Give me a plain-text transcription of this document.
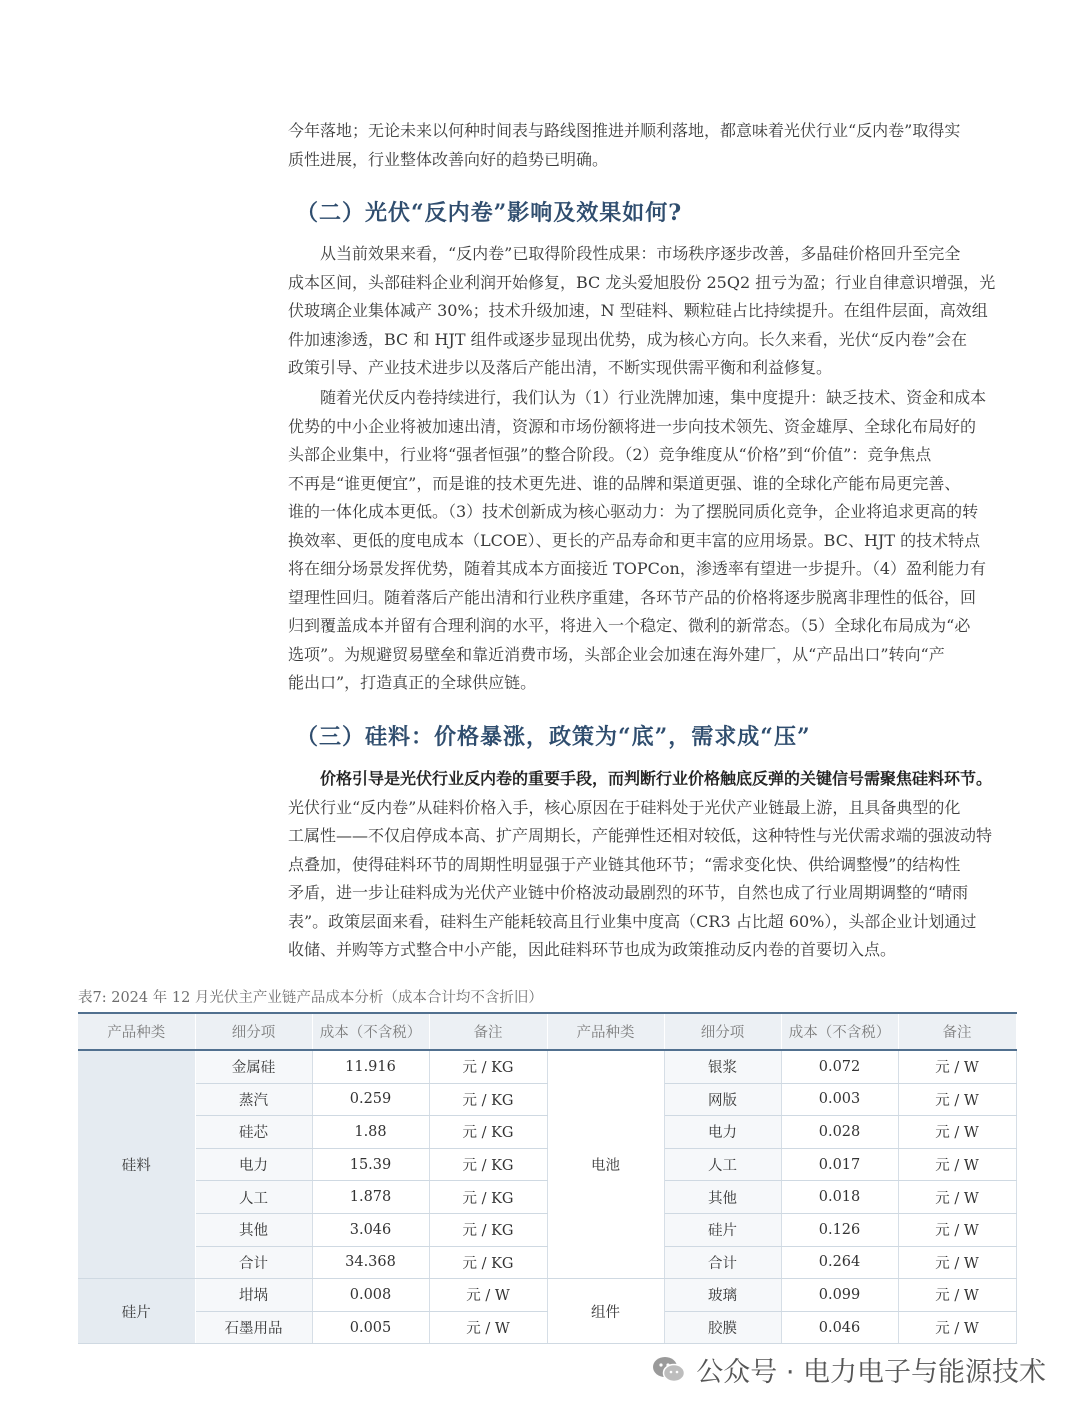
今年落地；无论未来以何种时间表与路线图推进并顺利落地，都意味着光伏行业“反内卷”取得实
质性进展，行业整体改善向好的趋势已明确。

（二）光伏“反内卷”影响及效果如何?

从当前效果来看，“反内卷”已取得阶段性成果：市场秩序逐步改善，多晶硅价格回升至完全
成本区间，头部硅料企业利润开始修复，BC 龙头爱旭股份 25Q2 扭亏为盈；行业自律意识增强，光
伏玻璃企业集体减产 30%；技术升级加速，N 型硅料、颗粒硅占比持续提升。在组件层面，高效组
件加速渗透，BC 和 HJT 组件或逐步显现出优势，成为核心方向。长久来看，光伏“反内卷”会在
政策引导、产业技术进步以及落后产能出清，不断实现供需平衡和利益修复。

随着光伏反内卷持续进行，我们认为（1）行业洗牌加速，集中度提升：缺乏技术、资金和成本
优势的中小企业将被加速出清，资源和市场份额将进一步向技术领先、资金雄厚、全球化布局好的
头部企业集中，行业将“强者恒强”的整合阶段。（2）竞争维度从“价格”到“价值”：竞争焦点
不再是“谁更便宜”，而是谁的技术更先进、谁的品牌和渠道更强、谁的全球化产能布局更完善、
谁的一体化成本更低。（3）技术创新成为核心驱动力：为了摆脱同质化竞争，企业将追求更高的转
换效率、更低的度电成本（LCOE）、更长的产品寿命和更丰富的应用场景。BC、HJT 的技术特点
将在细分场景发挥优势，随着其成本方面接近 TOPCon，渗透率有望进一步提升。（4）盈利能力有
望理性回归。随着落后产能出清和行业秩序重建，各环节产品的价格将逐步脱离非理性的低谷，回
归到覆盖成本并留有合理利润的水平，将进入一个稳定、微利的新常态。（5）全球化布局成为“必
选项”。为规避贸易壁垒和靠近消费市场，头部企业会加速在海外建厂，从“产品出口”转向“产
能出口”，打造真正的全球供应链。

（三）硅料：价格暴涨，政策为“底”，需求成“压”

价格引导是光伏行业反内卷的重要手段，而判断行业价格触底反弹的关键信号需聚焦硅料环节。
光伏行业“反内卷”从硅料价格入手，核心原因在于硅料处于光伏产业链最上游，且具备典型的化
工属性——不仅启停成本高、扩产周期长，产能弹性还相对较低，这种特性与光伏需求端的强波动特
点叠加，使得硅料环节的周期性明显强于产业链其他环节；“需求变化快、供给调整慢”的结构性
矛盾，进一步让硅料成为光伏产业链中价格波动最剧烈的环节，自然也成了行业周期调整的“晴雨
表”。政策层面来看，硅料生产能耗较高且行业集中度高（CR3 占比超 60%），头部企业计划通过
收储、并购等方式整合中小产能，因此硅料环节也成为政策推动反内卷的首要切入点。

表7: 2024 年 12 月光伏主产业链产品成本分析（成本合计均不含折旧）
产品种类	细分项	成本（不含税）	备注	产品种类	细分项	成本（不含税）	备注
硅料	金属硅	11.916	元 / KG	电池	银浆	0.072	元 / W
	蒸汽	0.259	元 / KG		网版	0.003	元 / W
	硅芯	1.88	元 / KG		电力	0.028	元 / W
	电力	15.39	元 / KG		人工	0.017	元 / W
	人工	1.878	元 / KG		其他	0.018	元 / W
	其他	3.046	元 / KG		硅片	0.126	元 / W
	合计	34.368	元 / KG		合计	0.264	元 / W
硅片	坩埚	0.008	元 / W	组件	玻璃	0.099	元 / W
	石墨用品	0.005	元 / W		胶膜	0.046	元 / W
公众号 · 电力电子与能源技术
